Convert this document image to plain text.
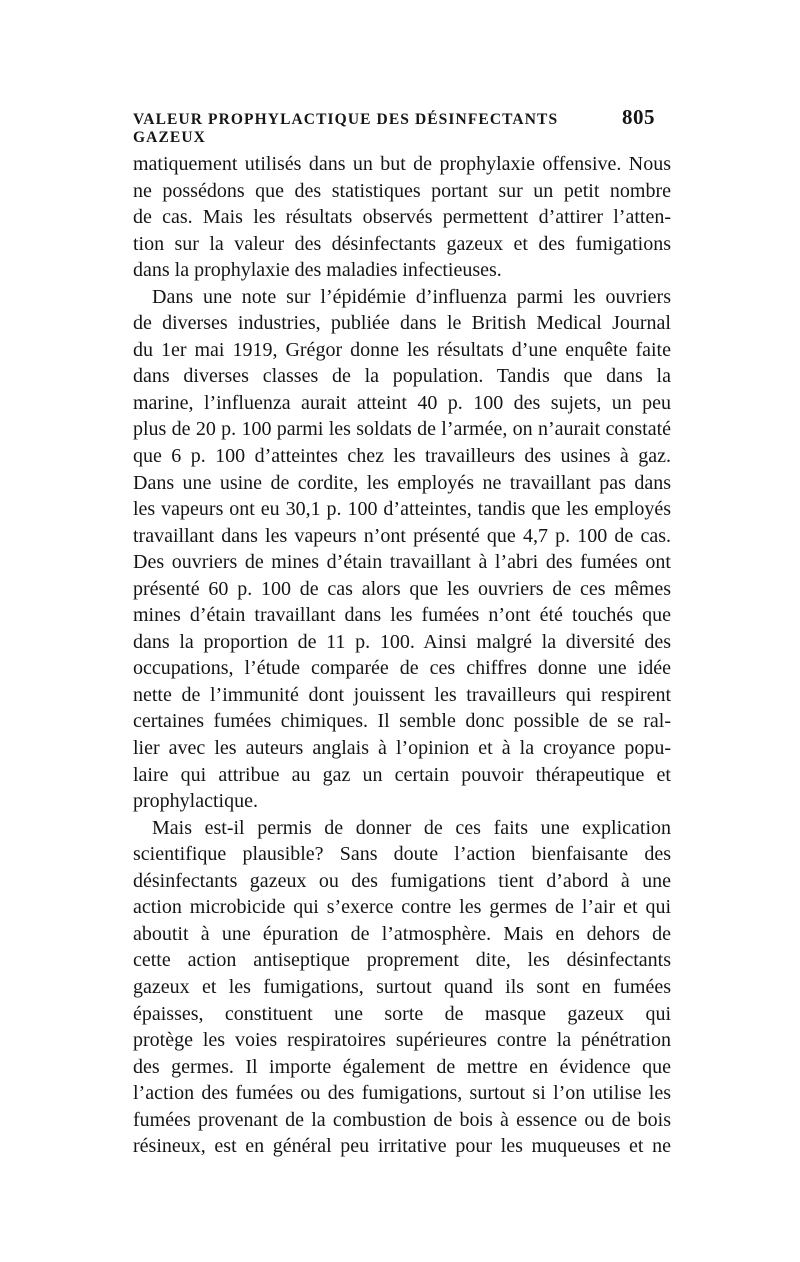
VALEUR PROPHYLACTIQUE DES DÉSINFECTANTS GAZEUX
805
matiquement utilisés dans un but de prophylaxie offensive. Nous
ne possédons que des statistiques portant sur un petit nombre
de cas. Mais les résultats observés permettent d’attirer l’atten-
tion sur la valeur des désinfectants gazeux et des fumigations
dans la prophylaxie des maladies infectieuses.
Dans une note sur l’épidémie d’influenza parmi les ouvriers
de diverses industries, publiée dans le British Medical Journal
du 1er mai 1919, Grégor donne les résultats d’une enquête faite
dans diverses classes de la population. Tandis que dans la
marine, l’influenza aurait atteint 40 p. 100 des sujets, un peu
plus de 20 p. 100 parmi les soldats de l’armée, on n’aurait constaté
que 6 p. 100 d’atteintes chez les travailleurs des usines à gaz.
Dans une usine de cordite, les employés ne travaillant pas dans
les vapeurs ont eu 30,1 p. 100 d’atteintes, tandis que les employés
travaillant dans les vapeurs n’ont présenté que 4,7 p. 100 de cas.
Des ouvriers de mines d’étain travaillant à l’abri des fumées ont
présenté 60 p. 100 de cas alors que les ouvriers de ces mêmes
mines d’étain travaillant dans les fumées n’ont été touchés que
dans la proportion de 11 p. 100. Ainsi malgré la diversité des
occupations, l’étude comparée de ces chiffres donne une idée
nette de l’immunité dont jouissent les travailleurs qui respirent
certaines fumées chimiques. Il semble donc possible de se ral-
lier avec les auteurs anglais à l’opinion et à la croyance popu-
laire qui attribue au gaz un certain pouvoir thérapeutique et
prophylactique.
Mais est-il permis de donner de ces faits une explication
scientifique plausible? Sans doute l’action bienfaisante des
désinfectants gazeux ou des fumigations tient d’abord à une
action microbicide qui s’exerce contre les germes de l’air et qui
aboutit à une épuration de l’atmosphère. Mais en dehors de
cette action antiseptique proprement dite, les désinfectants
gazeux et les fumigations, surtout quand ils sont en fumées
épaisses, constituent une sorte de masque gazeux qui
protège les voies respiratoires supérieures contre la pénétration
des germes. Il importe également de mettre en évidence que
l’action des fumées ou des fumigations, surtout si l’on utilise les
fumées provenant de la combustion de bois à essence ou de bois
résineux, est en général peu irritative pour les muqueuses et ne
